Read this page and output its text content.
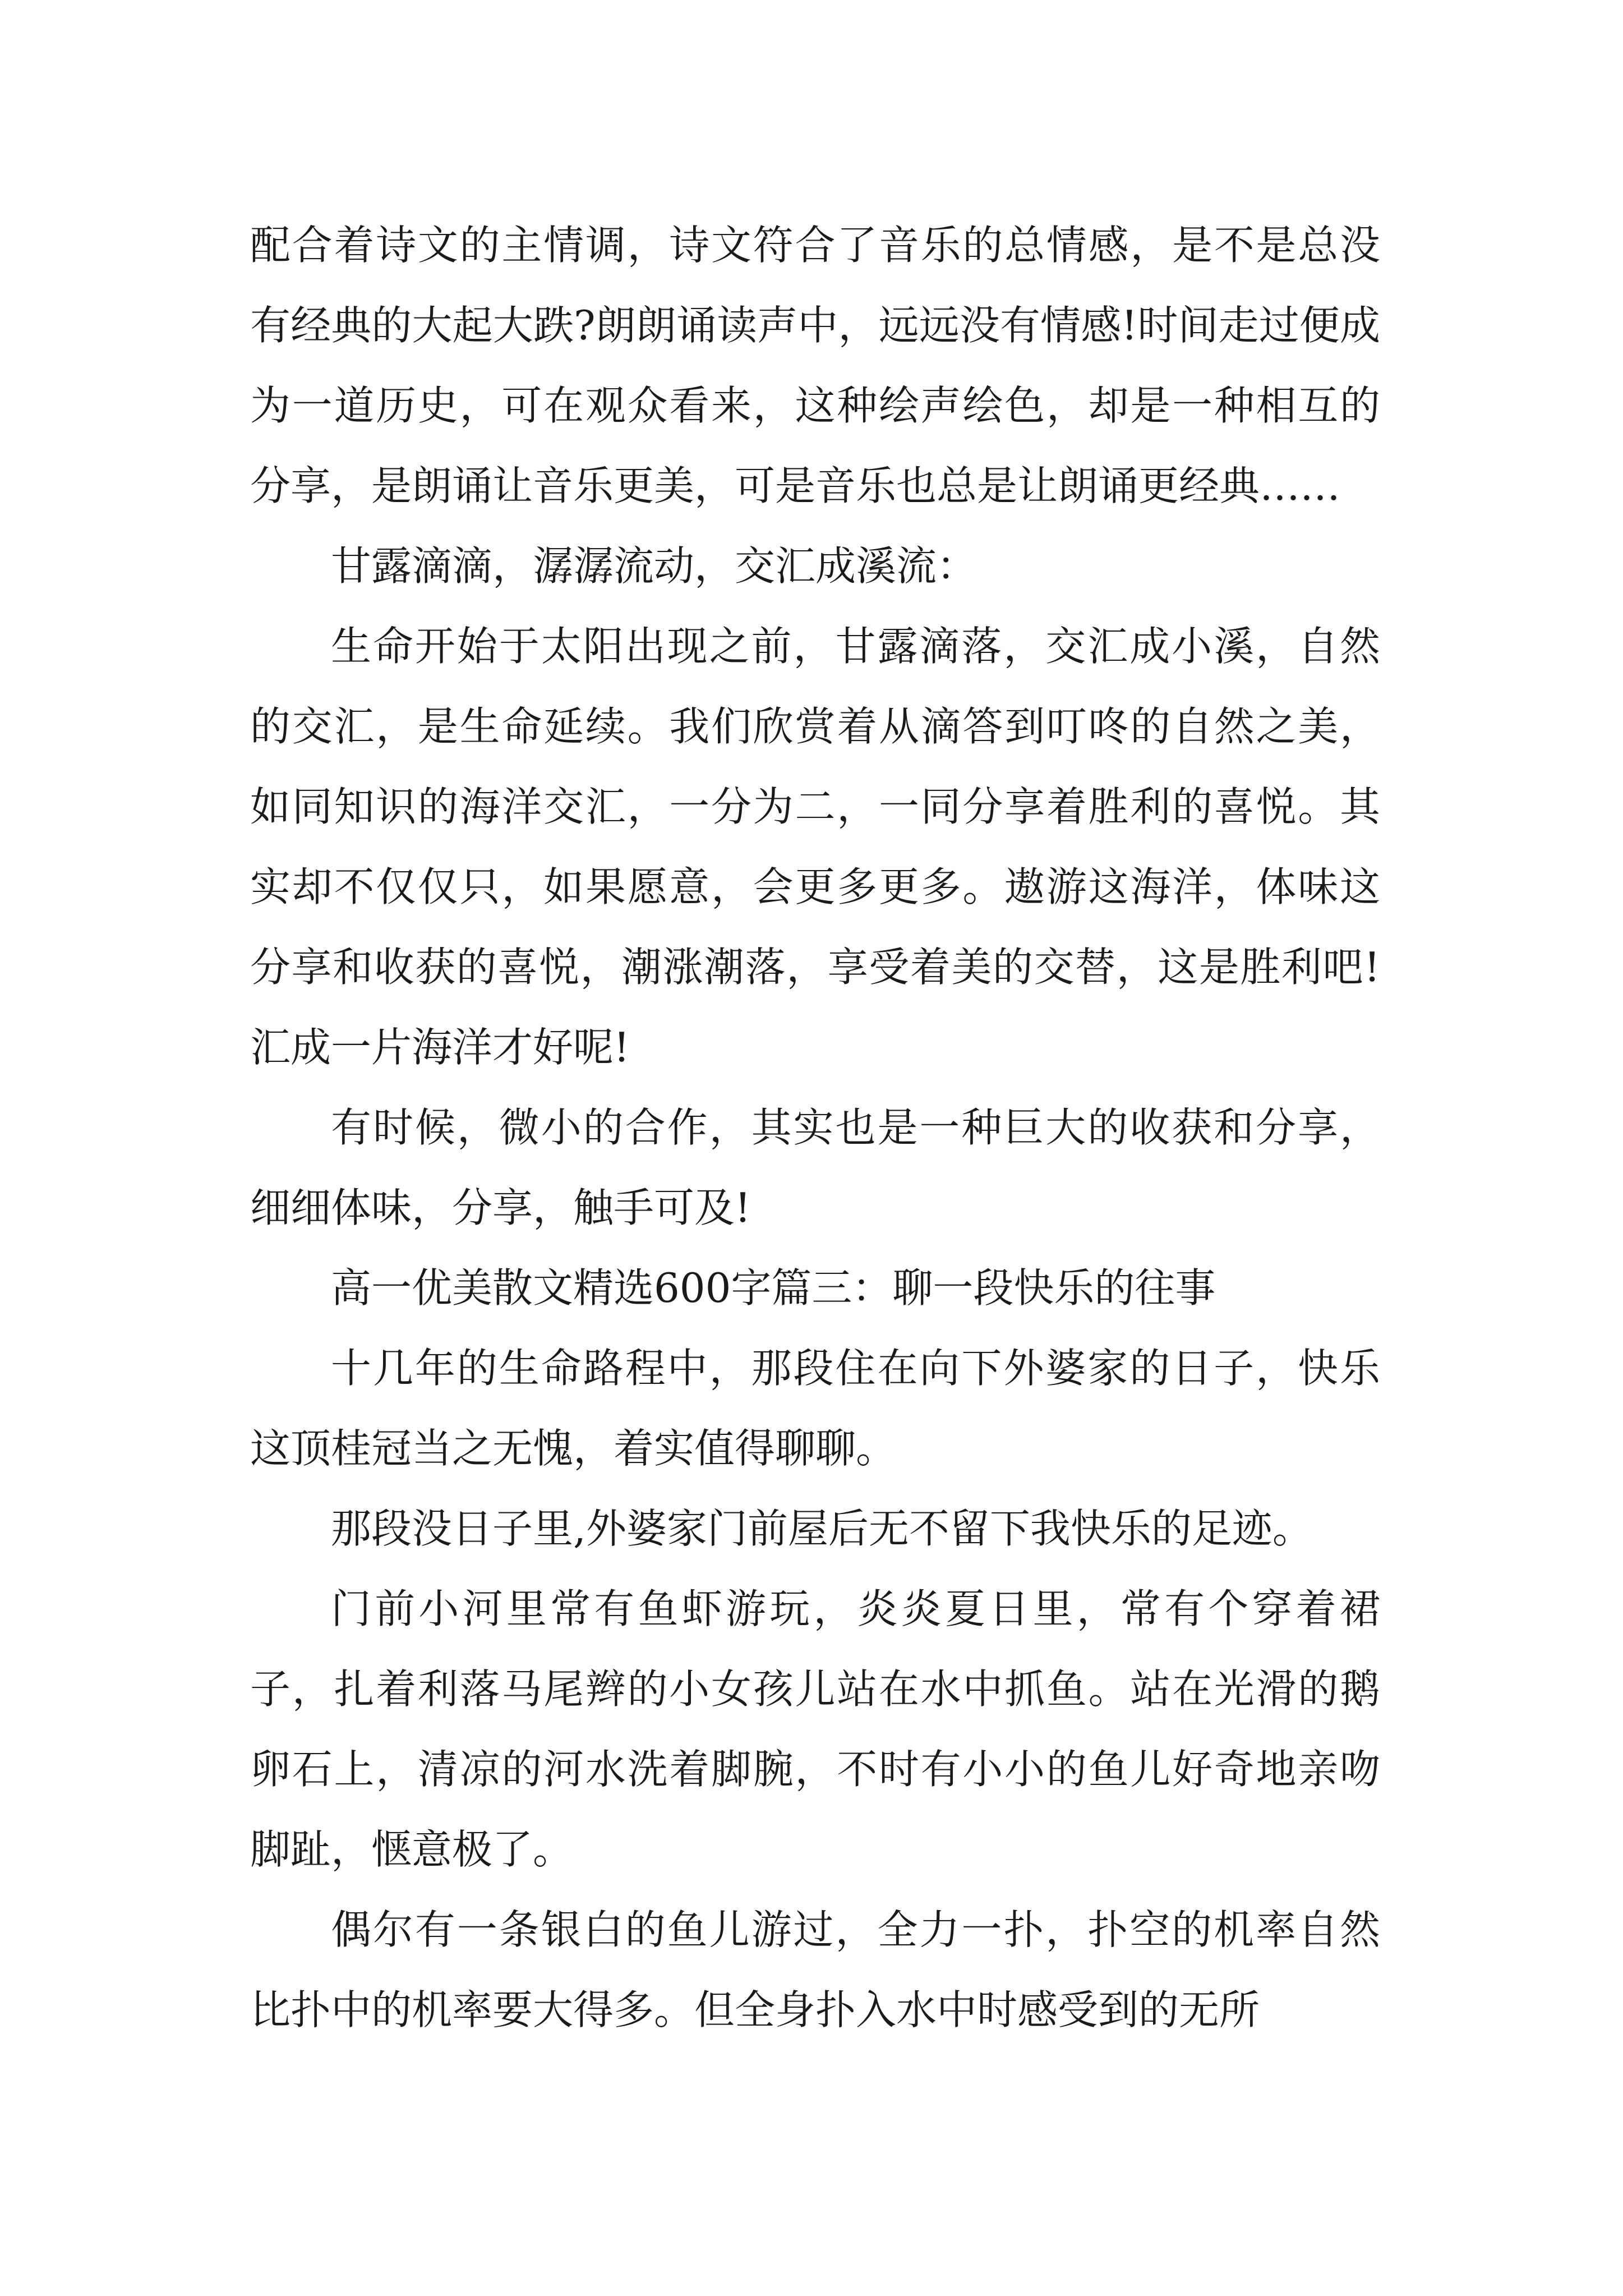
配合着诗文的主情调，诗文符合了音乐的总情感，是不是总没有经典的大起大跌?朗朗诵读声中，远远没有情感!时间走过便成为一道历史，可在观众看来，这种绘声绘色，却是一种相互的分享，是朗诵让音乐更美，可是音乐也总是让朗诵更经典……

甘露滴滴，潺潺流动，交汇成溪流：

生命开始于太阳出现之前，甘露滴落，交汇成小溪，自然的交汇，是生命延续。我们欣赏着从滴答到叮咚的自然之美，如同知识的海洋交汇，一分为二，一同分享着胜利的喜悦。其实却不仅仅只，如果愿意，会更多更多。遨游这海洋，体味这分享和收获的喜悦，潮涨潮落，享受着美的交替，这是胜利吧!汇成一片海洋才好呢!

有时候，微小的合作，其实也是一种巨大的收获和分享，细细体味，分享，触手可及!

高一优美散文精选600字篇三：聊一段快乐的往事

十几年的生命路程中，那段住在向下外婆家的日子，快乐这顶桂冠当之无愧，着实值得聊聊。

那段没日子里,外婆家门前屋后无不留下我快乐的足迹。

门前小河里常有鱼虾游玩，炎炎夏日里，常有个穿着裙子，扎着利落马尾辫的小女孩儿站在水中抓鱼。站在光滑的鹅卵石上，清凉的河水洗着脚腕，不时有小小的鱼儿好奇地亲吻脚趾，惬意极了。

偶尔有一条银白的鱼儿游过，全力一扑，扑空的机率自然比扑中的机率要大得多。但全身扑入水中时感受到的无所
